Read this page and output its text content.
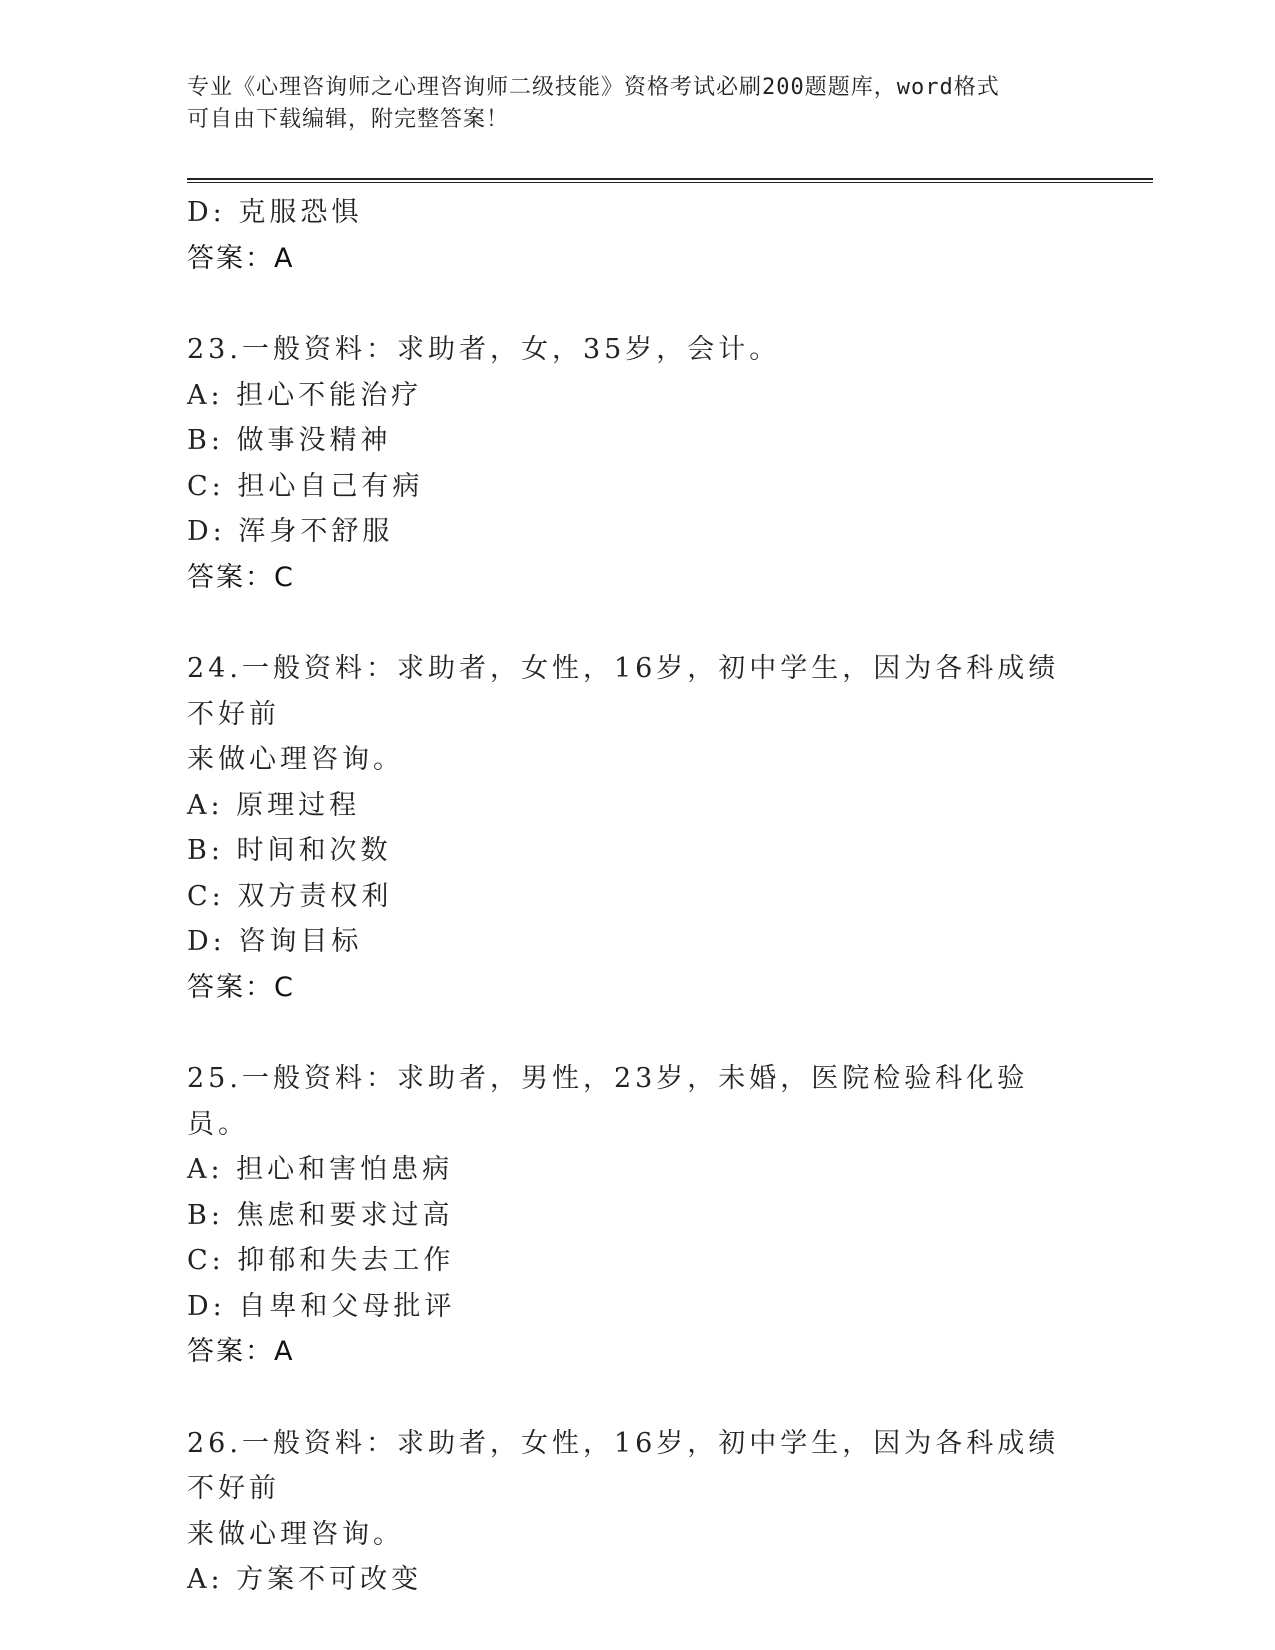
专业《心理咨询师之心理咨询师二级技能》资格考试必刷200题题库，word格式
可自由下载编辑，附完整答案！
D: 克服恐惧
答案：A
23.一般资料：求助者，女，35岁，会计。
A: 担心不能治疗
B: 做事没精神
C: 担心自己有病
D: 浑身不舒服
答案：C
24.一般资料：求助者，女性，16岁，初中学生，因为各科成绩不好前
来做心理咨询。
A: 原理过程
B: 时间和次数
C: 双方责权利
D: 咨询目标
答案：C
25.一般资料：求助者，男性，23岁，未婚，医院检验科化验员。
A: 担心和害怕患病
B: 焦虑和要求过高
C: 抑郁和失去工作
D: 自卑和父母批评
答案：A
26.一般资料：求助者，女性，16岁，初中学生，因为各科成绩不好前
来做心理咨询。
A: 方案不可改变
